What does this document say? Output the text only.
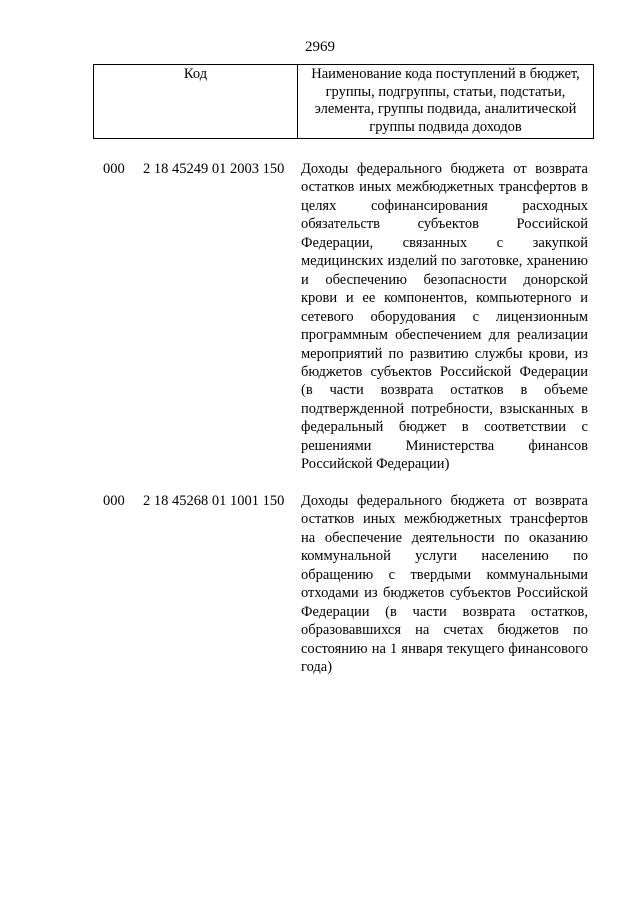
2969
Код	Наименование кода поступлений в бюджет, группы, подгруппы, статьи, подстатьи, элемента, группы подвида, аналитической группы подвида доходов
000 2 18 45249 01 2003 150 Доходы федерального бюджета от возврата остатков иных межбюджетных трансфертов в целях софинансирования расходных обязательств субъектов Российской Федерации, связанных с закупкой медицинских изделий по заготовке, хранению и обеспечению безопасности донорской крови и ее компонентов, компьютерного и сетевого оборудования с лицензионным программным обеспечением для реализации мероприятий по развитию службы крови, из бюджетов субъектов Российской Федерации (в части возврата остатков в объеме подтвержденной потребности, взысканных в федеральный бюджет в соответствии с решениями Министерства финансов Российской Федерации)
000 2 18 45268 01 1001 150 Доходы федерального бюджета от возврата остатков иных межбюджетных трансфертов на обеспечение деятельности по оказанию коммунальной услуги населению по обращению с твердыми коммунальными отходами из бюджетов субъектов Российской Федерации (в части возврата остатков, образовавшихся на счетах бюджетов по состоянию на 1 января текущего финансового года)
